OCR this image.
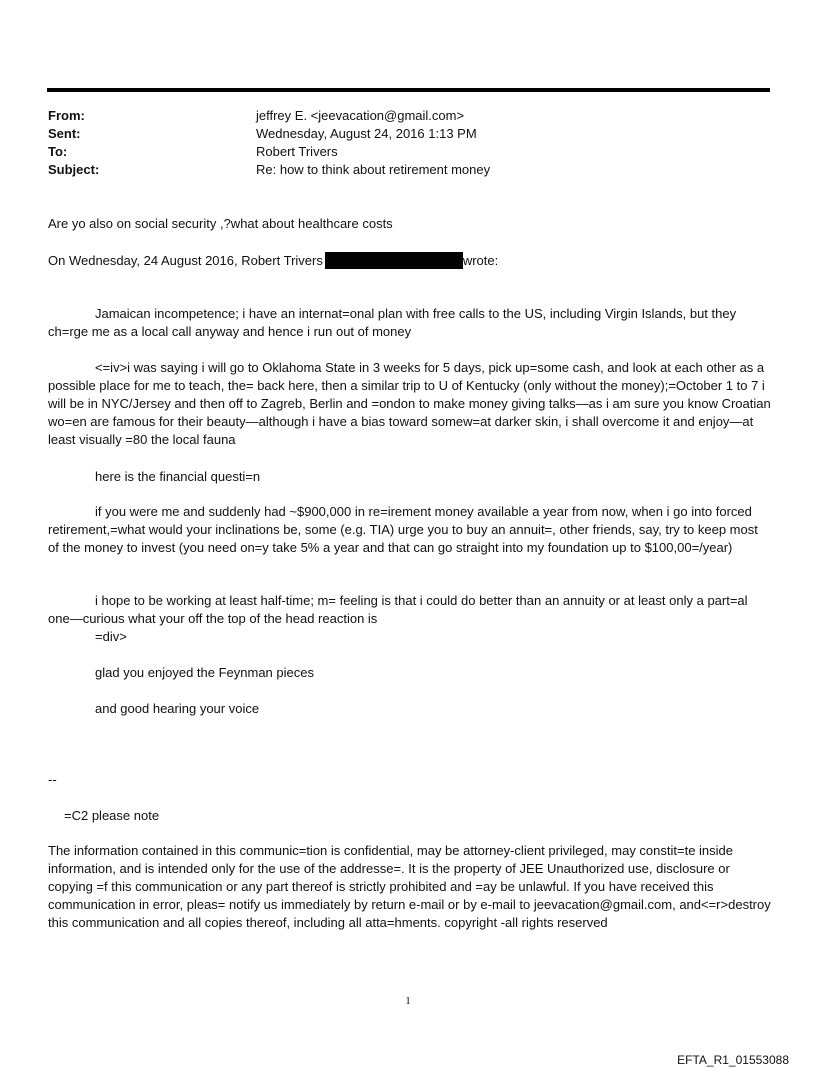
From:	jeffrey E. <jeevacation@gmail.com>
Sent:	Wednesday, August 24, 2016 1:13 PM
To:	Robert Trivers
Subject:	Re: how to think about retirement money

Are yo also on social security ,?what about healthcare costs

On Wednesday, 24 August 2016, Robert Trivers	wrote:

Jamaican incompetence; i have an internat=onal plan with free calls to the US, including Virgin Islands, but they ch=rge me as a local call anyway and hence i run out of money

<=iv>i was saying i will go to Oklahoma State in 3 weeks for 5 days, pick up=some cash, and look at each other as a possible place for me to teach, the= back here, then a similar trip to U of Kentucky (only without the money);=October 1 to 7 i will be in NYC/Jersey and then off to Zagreb, Berlin and =ondon to make money giving talks—as i am sure you know Croatian wo=en are famous for their beauty—although i have a bias toward somew=at darker skin, i shall overcome it and enjoy—at least visually =80 the local fauna

here is the financial questi=n

if you were me and suddenly had ~$900,000 in re=irement money available a year from now, when i go into forced retirement,=what would your inclinations be, some (e.g. TIA) urge you to buy an annuit=, other friends, say, try to keep most of the money to invest (you need on=y take 5% a year and that can go straight into my foundation up to $100,00=/year)

i hope to be working at least half-time; m= feeling is that i could do better than an annuity or at least only a part=al one—curious what your off the top of the head reaction is

=div>

glad you enjoyed the Feynman pieces

and good hearing your voice

--

=C2 please note

The information contained in this communic=tion is confidential, may be attorney-client privileged, may constit=te inside information, and is intended only for the use of the addresse=. It is the property of JEE Unauthorized use, disclosure or copying =f this communication or any part thereof is strictly prohibited and =ay be unlawful. If you have received this communication in error, pleas= notify us immediately by return e-mail or by e-mail to jeevacation@gmail.com, and<=r>destroy this communication and all copies thereof, including all atta=hments. copyright -all rights reserved

1
EFTA_R1_01553088
